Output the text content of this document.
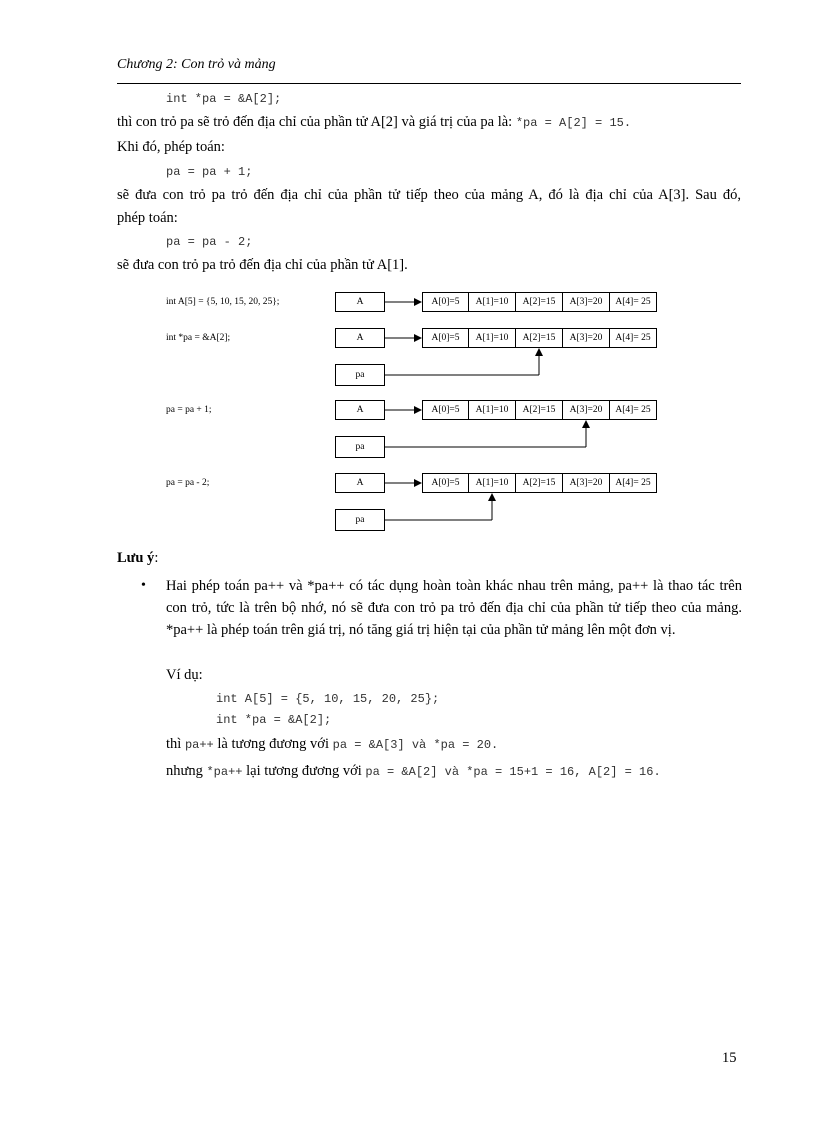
Chương 2: Con trỏ và mảng
int *pa = &A[2];
thì con trỏ pa sẽ trỏ đến địa chỉ của phần tử A[2] và giá trị của pa là: *pa = A[2] = 15.
Khi đó, phép toán:
pa = pa + 1;
sẽ đưa con trỏ pa trỏ đến địa chỉ của phần tử tiếp theo của mảng A, đó là địa chỉ của A[3]. Sau đó,
phép toán:
pa = pa - 2;
sẽ đưa con trỏ pa trỏ đến địa chỉ của phần tử A[1].
int A[5] = {5, 10, 15, 20, 25};	A	A[0]=5	A[1]=10	A[2]=15	A[3]=20	A[4]= 25
int *pa = &A[2];	A	A[0]=5	A[1]=10	A[2]=15	A[3]=20	A[4]= 25
pa
pa = pa + 1;	A	A[0]=5	A[1]=10	A[2]=15	A[3]=20	A[4]= 25
pa
pa = pa - 2;	A	A[0]=5	A[1]=10	A[2]=15	A[3]=20	A[4]= 25
pa
Lưu ý:
• Hai phép toán pa++ và *pa++ có tác dụng hoàn toàn khác nhau trên mảng, pa++ là thao tác trên con trỏ, tức là trên bộ nhớ, nó sẽ đưa con trỏ pa trỏ đến địa chỉ của phần tử tiếp theo của mảng. *pa++ là phép toán trên giá trị, nó tăng giá trị hiện tại của phần tử mảng lên một đơn vị.
Ví dụ:
int A[5] = {5, 10, 15, 20, 25};
int *pa = &A[2];
thì pa++ là tương đương với pa = &A[3] và *pa = 20.
nhưng *pa++ lại tương đương với pa = &A[2] và *pa = 15+1 = 16, A[2] = 16.
15
